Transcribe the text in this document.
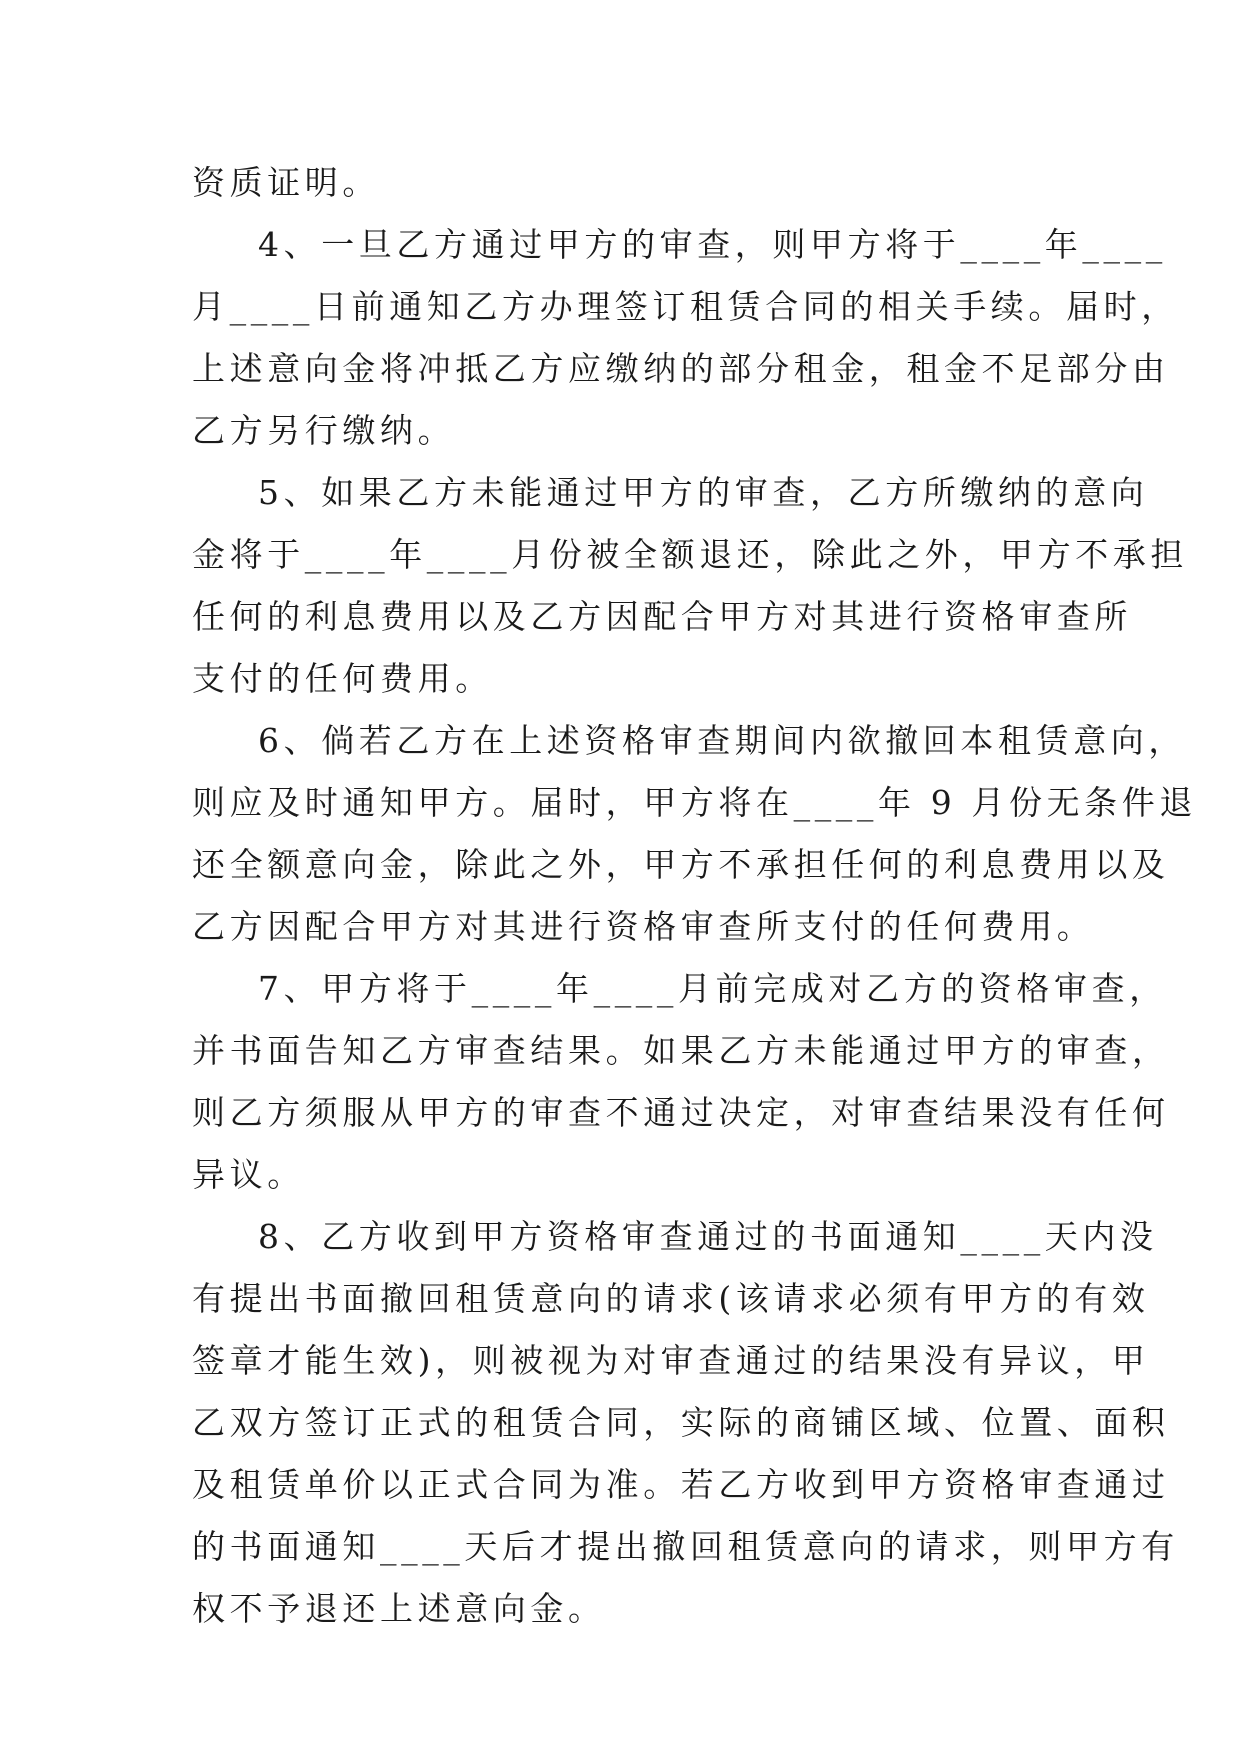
资质证明。
4、一旦乙方通过甲方的审查，则甲方将于____年____
月____日前通知乙方办理签订租赁合同的相关手续。届时，
上述意向金将冲抵乙方应缴纳的部分租金，租金不足部分由
乙方另行缴纳。
5、如果乙方未能通过甲方的审查，乙方所缴纳的意向
金将于____年____月份被全额退还，除此之外，甲方不承担
任何的利息费用以及乙方因配合甲方对其进行资格审查所
支付的任何费用。
6、倘若乙方在上述资格审查期间内欲撤回本租赁意向，
则应及时通知甲方。届时，甲方将在____年 9 月份无条件退
还全额意向金，除此之外，甲方不承担任何的利息费用以及
乙方因配合甲方对其进行资格审查所支付的任何费用。
7、甲方将于____年____月前完成对乙方的资格审查，
并书面告知乙方审查结果。如果乙方未能通过甲方的审查，
则乙方须服从甲方的审查不通过决定，对审查结果没有任何
异议。
8、乙方收到甲方资格审查通过的书面通知____天内没
有提出书面撤回租赁意向的请求(该请求必须有甲方的有效
签章才能生效)，则被视为对审查通过的结果没有异议，甲
乙双方签订正式的租赁合同，实际的商铺区域、位置、面积
及租赁单价以正式合同为准。若乙方收到甲方资格审查通过
的书面通知____天后才提出撤回租赁意向的请求，则甲方有
权不予退还上述意向金。
